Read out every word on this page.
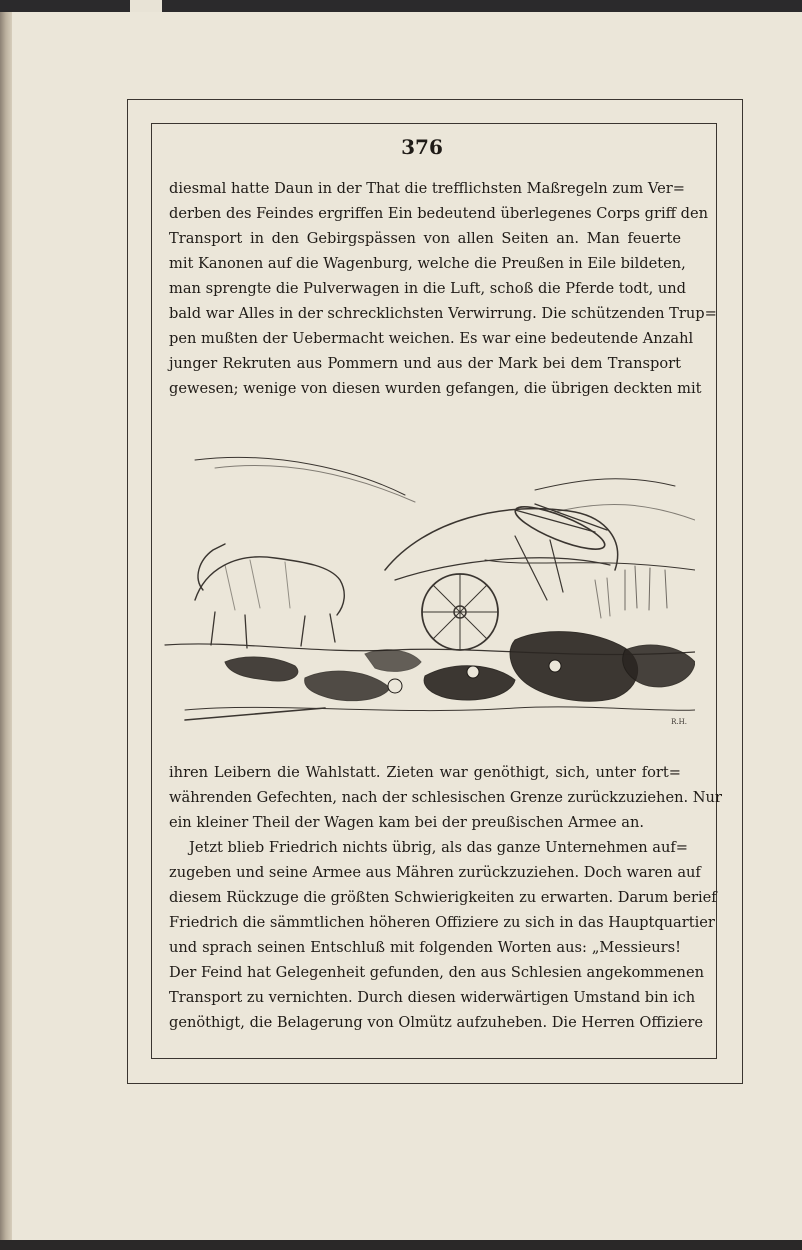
376
diesmal hatte Daun in der That die trefflichsten Maßregeln zum Ver=
derben des Feindes ergriffen Ein bedeutend überlegenes Corps griff den
Transport in den Gebirgspässen von allen Seiten an. Man feuerte
mit Kanonen auf die Wagenburg, welche die Preußen in Eile bildeten,
man sprengte die Pulverwagen in die Luft, schoß die Pferde todt, und
bald war Alles in der schrecklichsten Verwirrung. Die schützenden Trup=
pen mußten der Uebermacht weichen. Es war eine bedeutende Anzahl
junger Rekruten aus Pommern und aus der Mark bei dem Transport
gewesen; wenige von diesen wurden gefangen, die übrigen deckten mit
R.H.
ihren Leibern die Wahlstatt. Zieten war genöthigt, sich, unter fort=
währenden Gefechten, nach der schlesischen Grenze zurückzuziehen. Nur
ein kleiner Theil der Wagen kam bei der preußischen Armee an.
Jetzt blieb Friedrich nichts übrig, als das ganze Unternehmen auf=
zugeben und seine Armee aus Mähren zurückzuziehen. Doch waren auf
diesem Rückzuge die größten Schwierigkeiten zu erwarten. Darum berief
Friedrich die sämmtlichen höheren Offiziere zu sich in das Hauptquartier
und sprach seinen Entschluß mit folgenden Worten aus: „Messieurs!
Der Feind hat Gelegenheit gefunden, den aus Schlesien angekommenen
Transport zu vernichten. Durch diesen widerwärtigen Umstand bin ich
genöthigt, die Belagerung von Olmütz aufzuheben. Die Herren Offiziere
